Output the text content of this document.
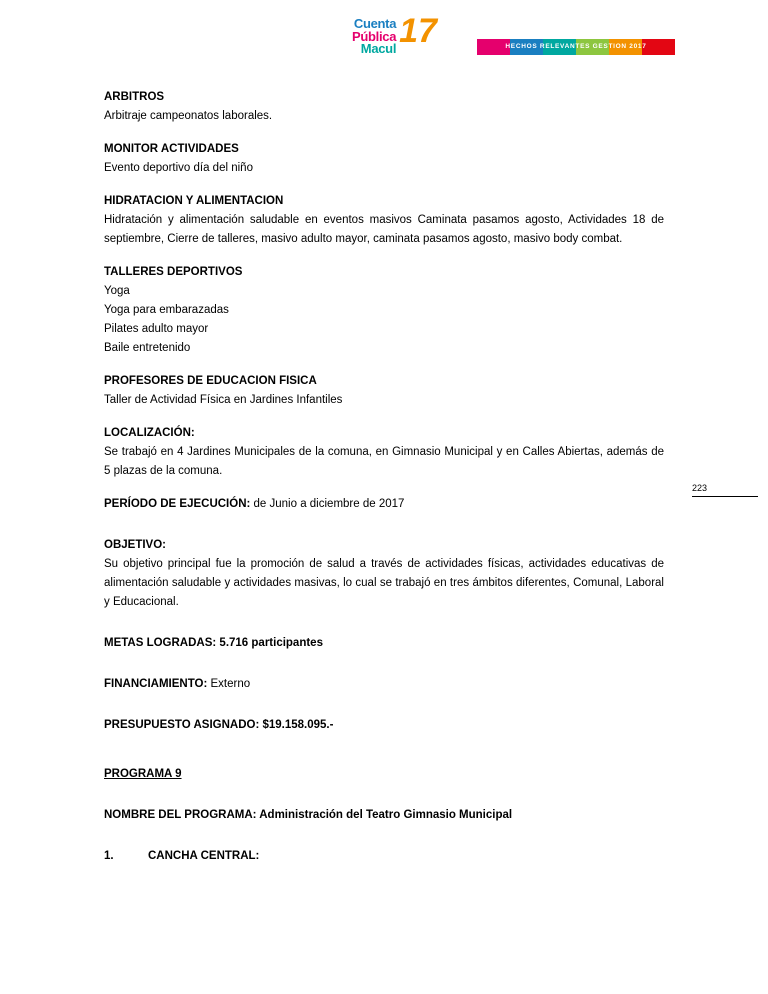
Cuenta
Pública
Macul 17	HECHOS RELEVANTES GESTION 2017
223

ARBITROS

Arbitraje campeonatos laborales.

MONITOR ACTIVIDADES

Evento deportivo día del niño

HIDRATACION Y ALIMENTACION

Hidratación y alimentación saludable en eventos masivos Caminata pasamos agosto, Actividades 18 de septiembre, Cierre de talleres, masivo adulto mayor, caminata pasamos agosto, masivo body combat.

TALLERES DEPORTIVOS

Yoga

Yoga para embarazadas

Pilates adulto mayor

Baile entretenido

PROFESORES DE EDUCACION FISICA

Taller de Actividad Física en Jardines Infantiles

LOCALIZACIÓN:

Se trabajó en 4 Jardines Municipales de la comuna, en Gimnasio Municipal y en Calles Abiertas, además de 5 plazas de la comuna.

PERÍODO DE EJECUCIÓN: de Junio a diciembre de 2017

OBJETIVO:

Su objetivo principal fue la promoción de salud a través de actividades físicas, actividades educativas de alimentación saludable y actividades masivas, lo cual se trabajó en tres ámbitos diferentes, Comunal, Laboral y Educacional.

METAS LOGRADAS: 5.716 participantes

FINANCIAMIENTO: Externo

PRESUPUESTO ASIGNADO: $19.158.095.-

PROGRAMA 9

NOMBRE DEL PROGRAMA: Administración del Teatro Gimnasio Municipal

1.	CANCHA CENTRAL:
